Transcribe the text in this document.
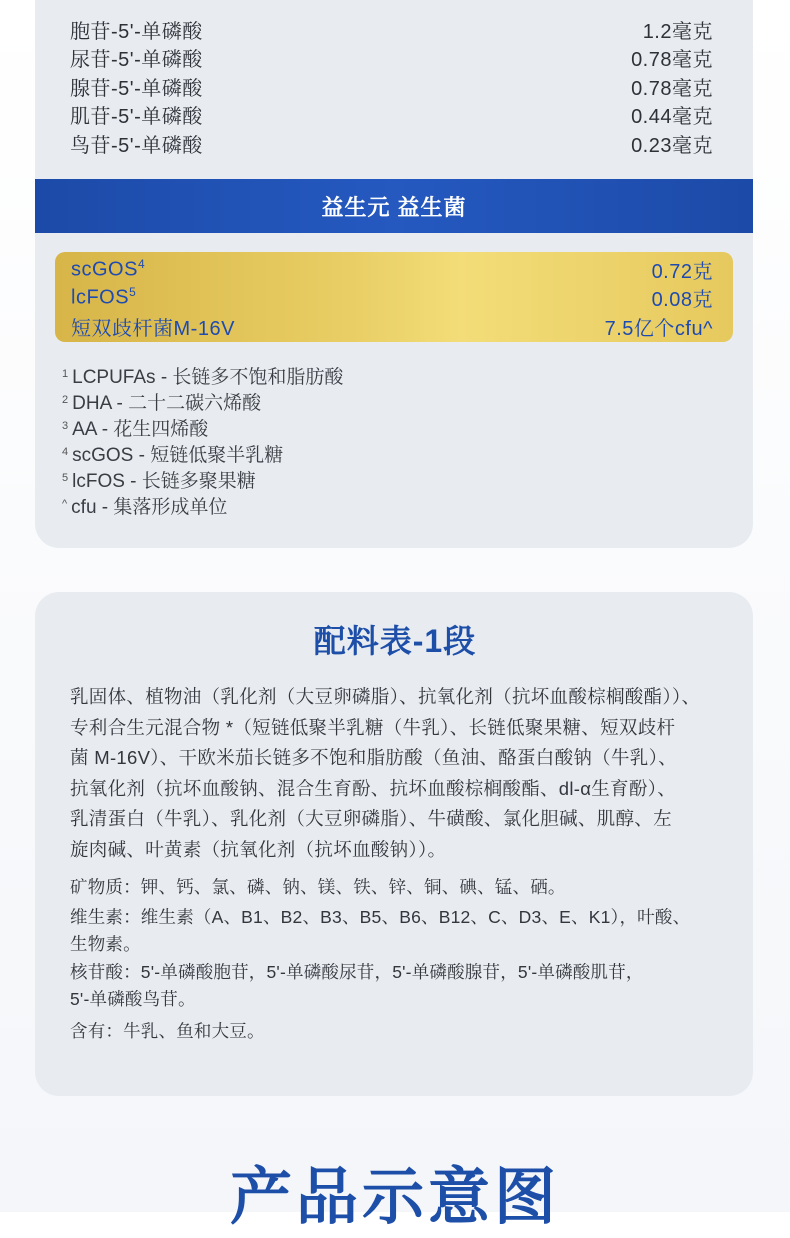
胞苷-5'-单磷酸	1.2毫克
尿苷-5'-单磷酸	0.78毫克
腺苷-5'-单磷酸	0.78毫克
肌苷-5'-单磷酸	0.44毫克
鸟苷-5'-单磷酸	0.23毫克
益生元 益生菌
scGOS$^4$	0.72克
lcFOS$^5$	0.08克
短双歧杆菌M-16V	7.5亿个cfu^
$^1$ LCPUFAs - 长链多不饱和脂肪酸
$^2$ DHA - 二十二碳六烯酸
$^3$ AA - 花生四烯酸
$^4$ scGOS - 短链低聚半乳糖
$^5$ lcFOS - 长链多聚果糖
^ cfu - 集落形成单位
配料表-1段
乳固体、植物油（乳化剂（大豆卵磷脂）、抗氧化剂（抗坏血酸棕榈酸酯））、
专利合生元混合物 *（短链低聚半乳糖（牛乳）、长链低聚果糖、短双歧杆
菌 M-16V）、干欧米茄长链多不饱和脂肪酸（鱼油、酪蛋白酸钠（牛乳）、
抗氧化剂（抗坏血酸钠、混合生育酚、抗坏血酸棕榈酸酯、dl-α生育酚）、
乳清蛋白（牛乳）、乳化剂（大豆卵磷脂）、牛磺酸、氯化胆碱、肌醇、左
旋肉碱、叶黄素（抗氧化剂（抗坏血酸钠））。
矿物质：钾、钙、氯、磷、钠、镁、铁、锌、铜、碘、锰、硒。
维生素：维生素（A、B1、B2、B3、B5、B6、B12、C、D3、E、K1），叶酸、
生物素。
核苷酸：5'-单磷酸胞苷，5'-单磷酸尿苷，5'-单磷酸腺苷，5'-单磷酸肌苷，
5'-单磷酸鸟苷。
含有：牛乳、鱼和大豆。
产品示意图
